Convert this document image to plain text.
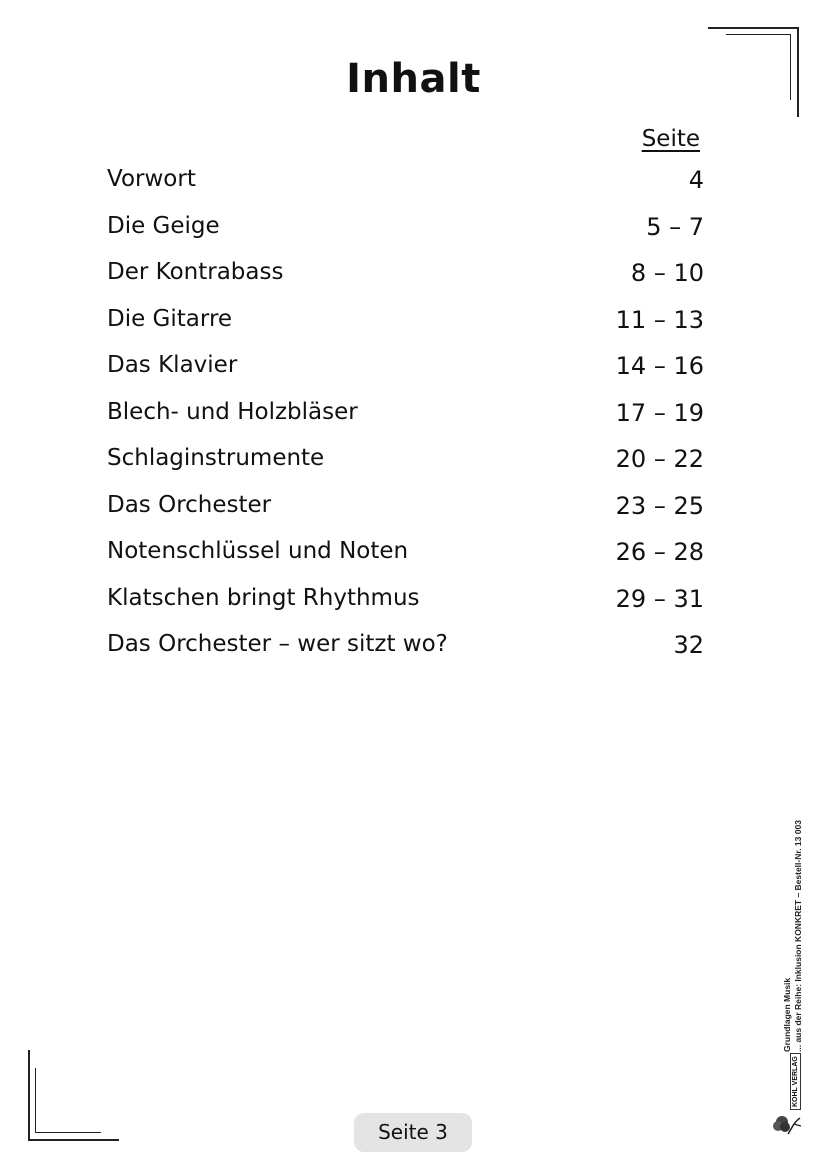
Inhalt
Seite
Vorwort	4
Die Geige	5 – 7
Der Kontrabass	8 – 10
Die Gitarre	11 – 13
Das Klavier	14 – 16
Blech- und Holzbläser	17 – 19
Schlaginstrumente	20 – 22
Das Orchester	23 – 25
Notenschlüssel und Noten	26 – 28
Klatschen bringt Rhythmus	29 – 31
Das Orchester – wer sitzt wo?	32
Grundlagen Musik ... aus der Reihe: Inklusion KONKRET – Bestell-Nr. 13 003
KOHL VERLAG
Seite 3
